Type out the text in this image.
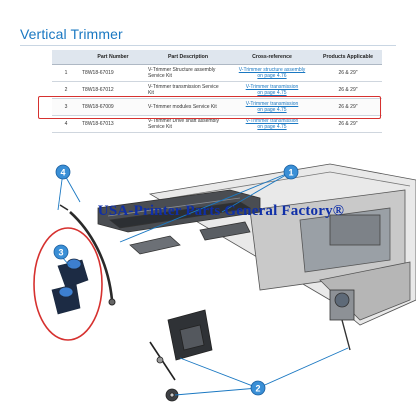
Vertical Trimmer
	Part Number	Part Description	Cross-reference	Products Applicable
1	T8W18-67019	V-Trimmer Structure assembly
Service Kit	V-Trimmer structure assembly
on page 4.76	26 & 29"
2	T8W18-67012	V-Trimmer transmission Service
Kit	V-Trimmer transmission
on page 4.75	26 & 29"
3	T8W18-67009	V-Trimmer modules Service Kit	V-Trimmer transmission
on page 4.75	26 & 29"
4	T8W18-67013	V-Trimmer Drive shaft assembly
Service Kit	V-Trimmer transmission
on page 4.75	26 & 29"
1
2
3
4
USA-Printer Parts General Factory®
